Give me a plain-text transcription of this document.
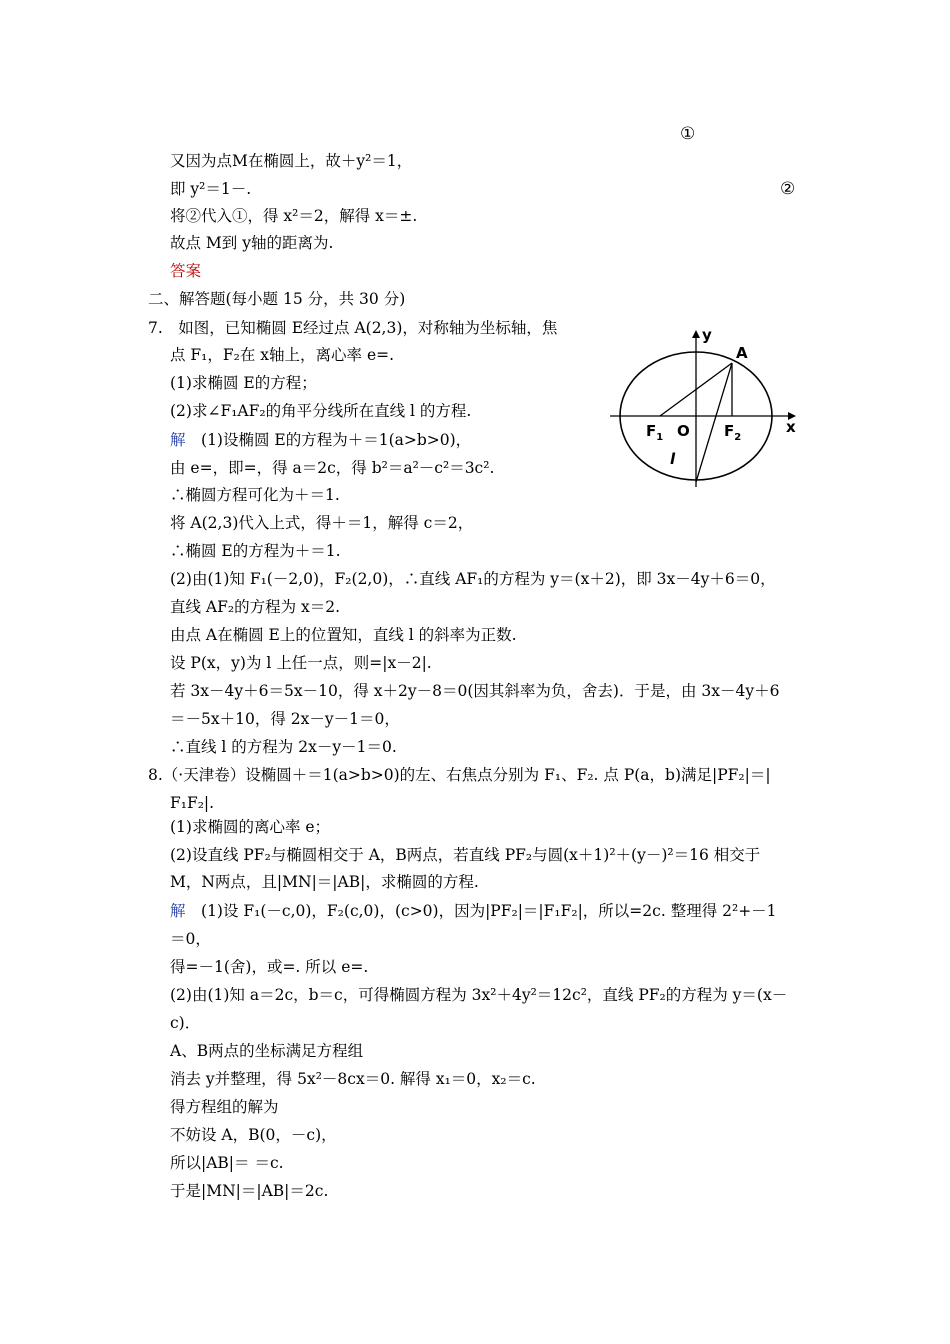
①
又因为点M在椭圆上，故＋y²＝1，
即 y²＝1－.	②
将②代入①，得 x²＝2，解得 x＝±.
故点 M到 y轴的距离为.
答案
二、解答题(每小题 15 分，共 30 分)
7.　如图，已知椭圆 E经过点 A(2,3)，对称轴为坐标轴，焦
点 F₁，F₂在 x轴上，离心率 e=.
(1)求椭圆 E的方程；
(2)求∠F₁AF₂的角平分线所在直线 l 的方程.
解　(1)设椭圆 E的方程为＋＝1(a>b>0)，
由 e=，即=，得 a＝2c，得 b²＝a²－c²＝3c².
∴椭圆方程可化为＋＝1.
将 A(2,3)代入上式，得＋＝1，解得 c＝2，
∴椭圆 E的方程为＋＝1.
(2)由(1)知 F₁(－2,0)，F₂(2,0)，∴直线 AF₁的方程为 y＝(x＋2)，即 3x－4y＋6＝0，
直线 AF₂的方程为 x＝2.
由点 A在椭圆 E上的位置知，直线 l 的斜率为正数.
设 P(x，y)为 l 上任一点，则=|x－2|.
若 3x－4y＋6＝5x－10，得 x＋2y－8＝0(因其斜率为负，舍去)．于是，由 3x－4y＋6
＝－5x＋10，得 2x－y－1＝0，
∴直线 l 的方程为 2x－y－1＝0.
8.（·天津卷）设椭圆＋＝1(a>b>0)的左、右焦点分别为 F₁、F₂. 点 P(a，b)满足|PF₂|＝|
F₁F₂|.
(1)求椭圆的离心率 e；
(2)设直线 PF₂与椭圆相交于 A，B两点，若直线 PF₂与圆(x＋1)²＋(y－)²＝16 相交于
M，N两点，且|MN|＝|AB|，求椭圆的方程.
解　(1)设 F₁(－c,0)，F₂(c,0)，(c>0)，因为|PF₂|＝|F₁F₂|，所以=2c. 整理得 2²+－1
＝0，
得=－1(舍)，或=. 所以 e=.
(2)由(1)知 a＝2c，b＝c，可得椭圆方程为 3x²＋4y²＝12c²，直线 PF₂的方程为 y＝(x－
c)．
A、B两点的坐标满足方程组
消去 y并整理，得 5x²－8cx＝0. 解得 x₁＝0，x₂＝c.
得方程组的解为
不妨设 A，B(0，－c)，
所以|AB|＝ ＝c.
于是|MN|＝|AB|＝2c.
y
x
A
O
$F_1$	$F_2$
l
